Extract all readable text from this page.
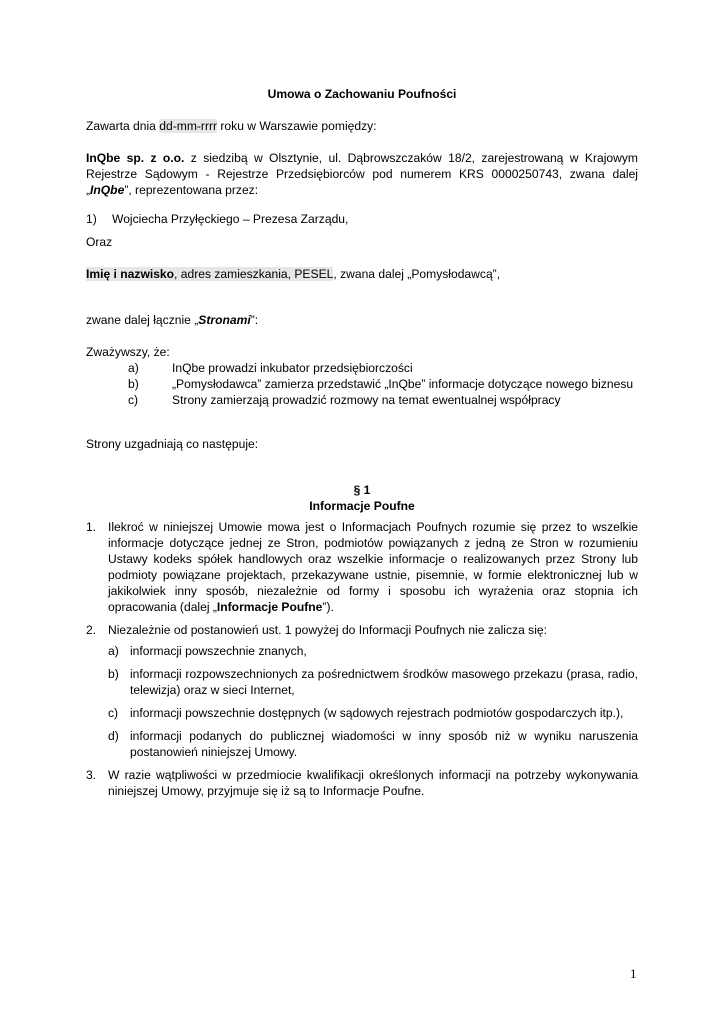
Umowa o Zachowaniu Poufności
Zawarta dnia dd-mm-rrrr roku w Warszawie pomiędzy:
InQbe sp. z o.o. z siedzibą w Olsztynie, ul. Dąbrowszczaków 18/2, zarejestrowaną w Krajowym Rejestrze Sądowym - Rejestrze Przedsiębiorców pod numerem KRS 0000250743, zwana dalej „InQbe”, reprezentowana przez:
1) Wojciecha Przyłęckiego – Prezesa Zarządu,
Oraz
Imię i nazwisko, adres zamieszkania, PESEL, zwana dalej „Pomysłodawcą”,
zwane dalej łącznie „Stronami”:
Zważywszy, że:
a)	InQbe prowadzi inkubator przedsiębiorczości
b)	„Pomysłodawca” zamierza przedstawić „InQbe” informacje dotyczące nowego biznesu
c)	Strony zamierzają prowadzić rozmowy na temat ewentualnej współpracy
Strony uzgadniają co następuje:
§ 1
Informacje Poufne
1. Ilekroć w niniejszej Umowie mowa jest o Informacjach Poufnych rozumie się przez to wszelkie informacje dotyczące jednej ze Stron, podmiotów powiązanych z jedną ze Stron w rozumieniu Ustawy kodeks spółek handlowych oraz wszelkie informacje o realizowanych przez Strony lub podmioty powiązane projektach, przekazywane ustnie, pisemnie, w formie elektronicznej lub w jakikolwiek inny sposób, niezależnie od formy i sposobu ich wyrażenia oraz stopnia ich opracowania (dalej „Informacje Poufne”).
2. Niezależnie od postanowień ust. 1 powyżej do Informacji Poufnych nie zalicza się:
a) informacji powszechnie znanych,
b) informacji rozpowszechnionych za pośrednictwem środków masowego przekazu (prasa, radio, telewizja) oraz w sieci Internet,
c) informacji powszechnie dostępnych (w sądowych rejestrach podmiotów gospodarczych itp.),
d) informacji podanych do publicznej wiadomości w inny sposób niż w wyniku naruszenia postanowień niniejszej Umowy.
3. W razie wątpliwości w przedmiocie kwalifikacji określonych informacji na potrzeby wykonywania niniejszej Umowy, przyjmuje się iż są to Informacje Poufne.
1
